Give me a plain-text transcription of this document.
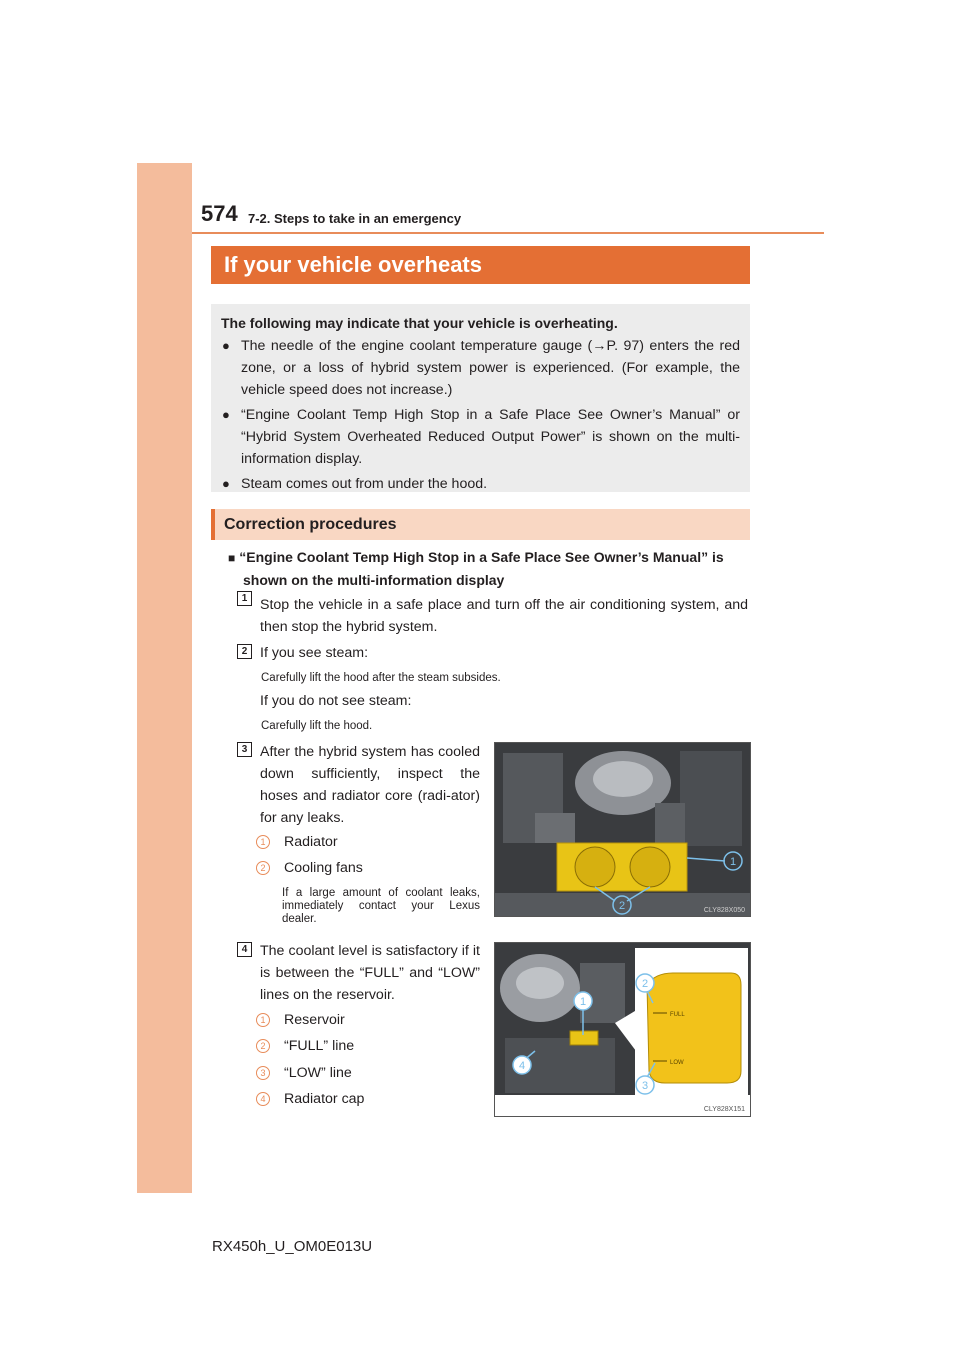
574 7-2. Steps to take in an emergency
If your vehicle overheats
The following may indicate that your vehicle is overheating.
● The needle of the engine coolant temperature gauge (→P. 97) enters the red zone, or a loss of hybrid system power is experienced. (For example, the vehicle speed does not increase.)
● “Engine Coolant Temp High Stop in a Safe Place See Owner’s Manual” or “Hybrid System Overheated Reduced Output Power” is shown on the multi-information display.
● Steam comes out from under the hood.
Correction procedures
■ “Engine Coolant Temp High Stop in a Safe Place See Owner’s Manual” is
shown on the multi-information display
1 Stop the vehicle in a safe place and turn off the air conditioning system, and then stop the hybrid system.
2 If you see steam:
Carefully lift the hood after the steam subsides.
If you do not see steam:
Carefully lift the hood.
3 After the hybrid system has cooled down sufficiently, inspect the hoses and radiator core (radi-ator) for any leaks.
1 Radiator
2 Cooling fans
If a large amount of coolant leaks, immediately contact your Lexus dealer.
1
2	CLY828X050
4 The coolant level is satisfactory if it is between the “FULL” and “LOW” lines on the reservoir.
1 Reservoir
2 “FULL” line
3 “LOW” line
4 Radiator cap
FULL
LOW
1
2
3
4
CLY828X151
RX450h_U_OM0E013U
